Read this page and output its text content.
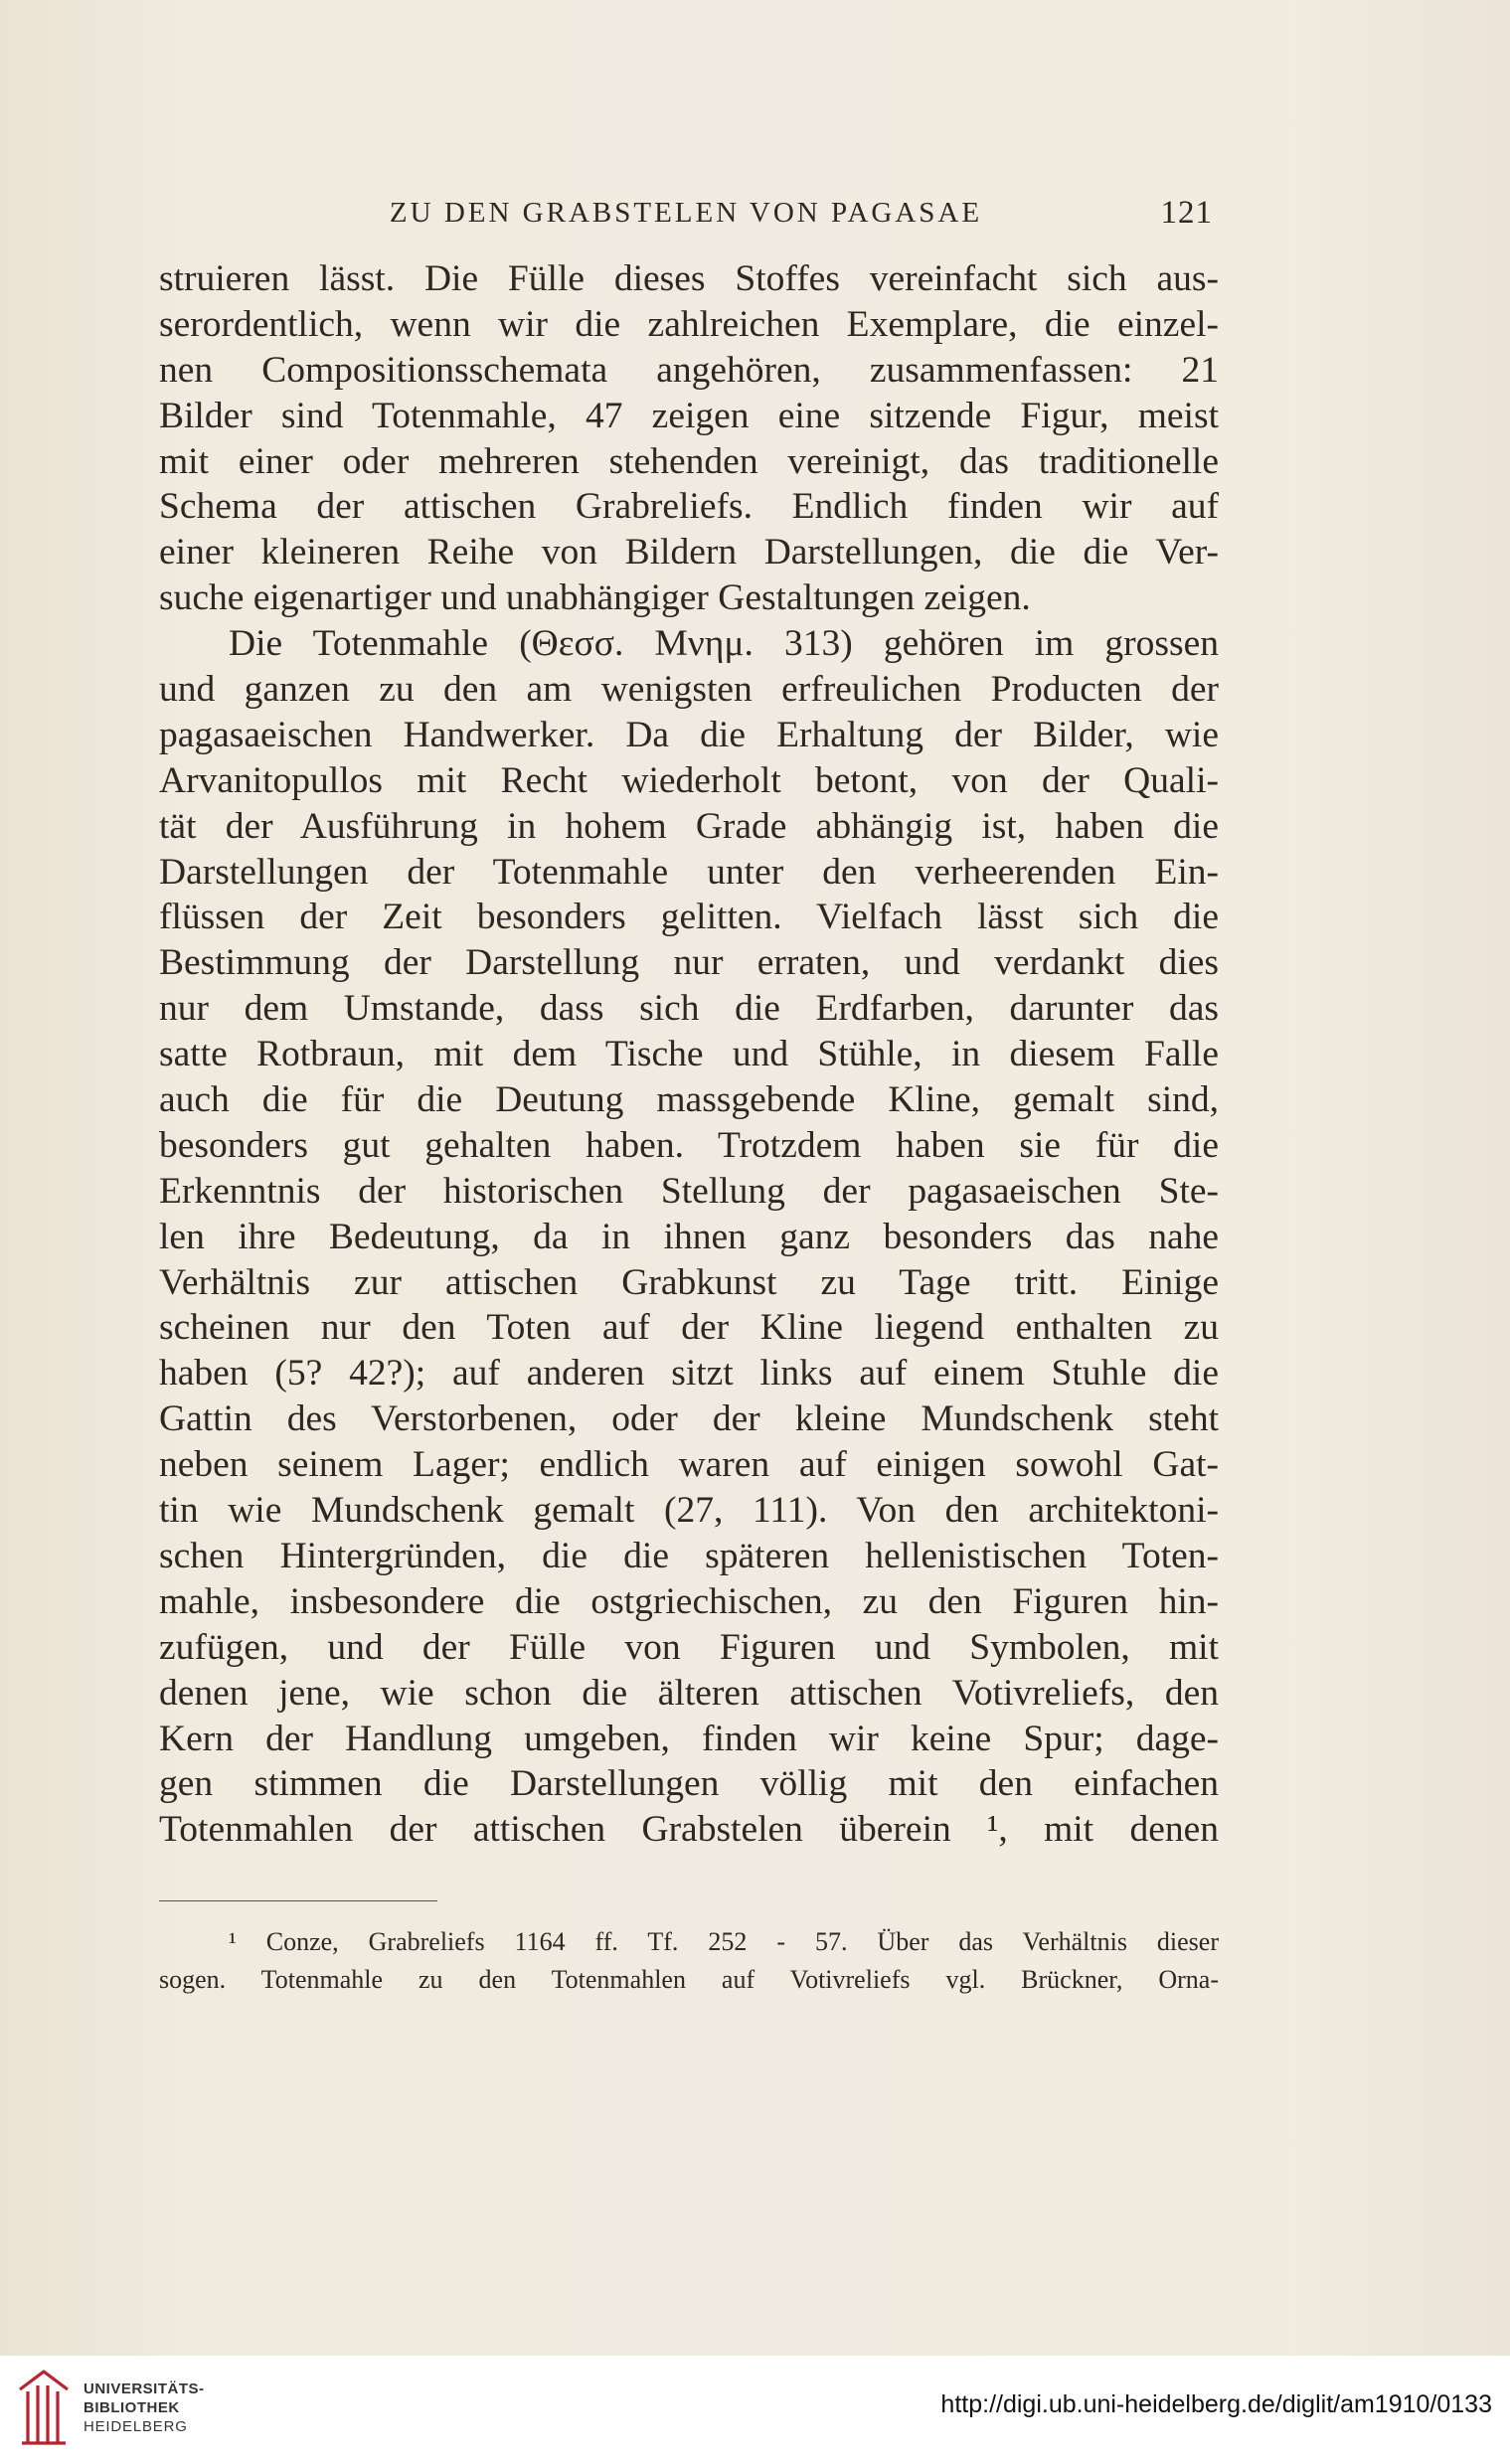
ZU DEN GRABSTELEN VON PAGASAE	121
struieren lässt. Die Fülle dieses Stoffes vereinfacht sich aus-
serordentlich, wenn wir die zahlreichen Exemplare, die einzel-
nen Compositionsschemata angehören, zusammenfassen: 21
Bilder sind Totenmahle, 47 zeigen eine sitzende Figur, meist
mit einer oder mehreren stehenden vereinigt, das traditionelle
Schema der attischen Grabreliefs. Endlich finden wir auf
einer kleineren Reihe von Bildern Darstellungen, die die Ver-
suche eigenartiger und unabhängiger Gestaltungen zeigen.
Die Totenmahle (Θεσσ. Μνημ. 313) gehören im grossen
und ganzen zu den am wenigsten erfreulichen Producten der
pagasaeischen Handwerker. Da die Erhaltung der Bilder, wie
Arvanitopullos mit Recht wiederholt betont, von der Quali-
tät der Ausführung in hohem Grade abhängig ist, haben die
Darstellungen der Totenmahle unter den verheerenden Ein-
flüssen der Zeit besonders gelitten. Vielfach lässt sich die
Bestimmung der Darstellung nur erraten, und verdankt dies
nur dem Umstande, dass sich die Erdfarben, darunter das
satte Rotbraun, mit dem Tische und Stühle, in diesem Falle
auch die für die Deutung massgebende Kline, gemalt sind,
besonders gut gehalten haben. Trotzdem haben sie für die
Erkenntnis der historischen Stellung der pagasaeischen Ste-
len ihre Bedeutung, da in ihnen ganz besonders das nahe
Verhältnis zur attischen Grabkunst zu Tage tritt. Einige
scheinen nur den Toten auf der Kline liegend enthalten zu
haben (5? 42?); auf anderen sitzt links auf einem Stuhle die
Gattin des Verstorbenen, oder der kleine Mundschenk steht
neben seinem Lager; endlich waren auf einigen sowohl Gat-
tin wie Mundschenk gemalt (27, 111). Von den architektoni-
schen Hintergründen, die die späteren hellenistischen Toten-
mahle, insbesondere die ostgriechischen, zu den Figuren hin-
zufügen, und der Fülle von Figuren und Symbolen, mit
denen jene, wie schon die älteren attischen Votivreliefs, den
Kern der Handlung umgeben, finden wir keine Spur; dage-
gen stimmen die Darstellungen völlig mit den einfachen
Totenmahlen der attischen Grabstelen überein ¹, mit denen
¹ Conze, Grabreliefs 1164 ff. Tf. 252 - 57. Über das Verhältnis dieser
sogen. Totenmahle zu den Totenmahlen auf Votivreliefs vgl. Brückner, Orna-
UNIVERSITÄTS-
BIBLIOTHEK
HEIDELBERG
http://digi.ub.uni-heidelberg.de/diglit/am1910/0133
